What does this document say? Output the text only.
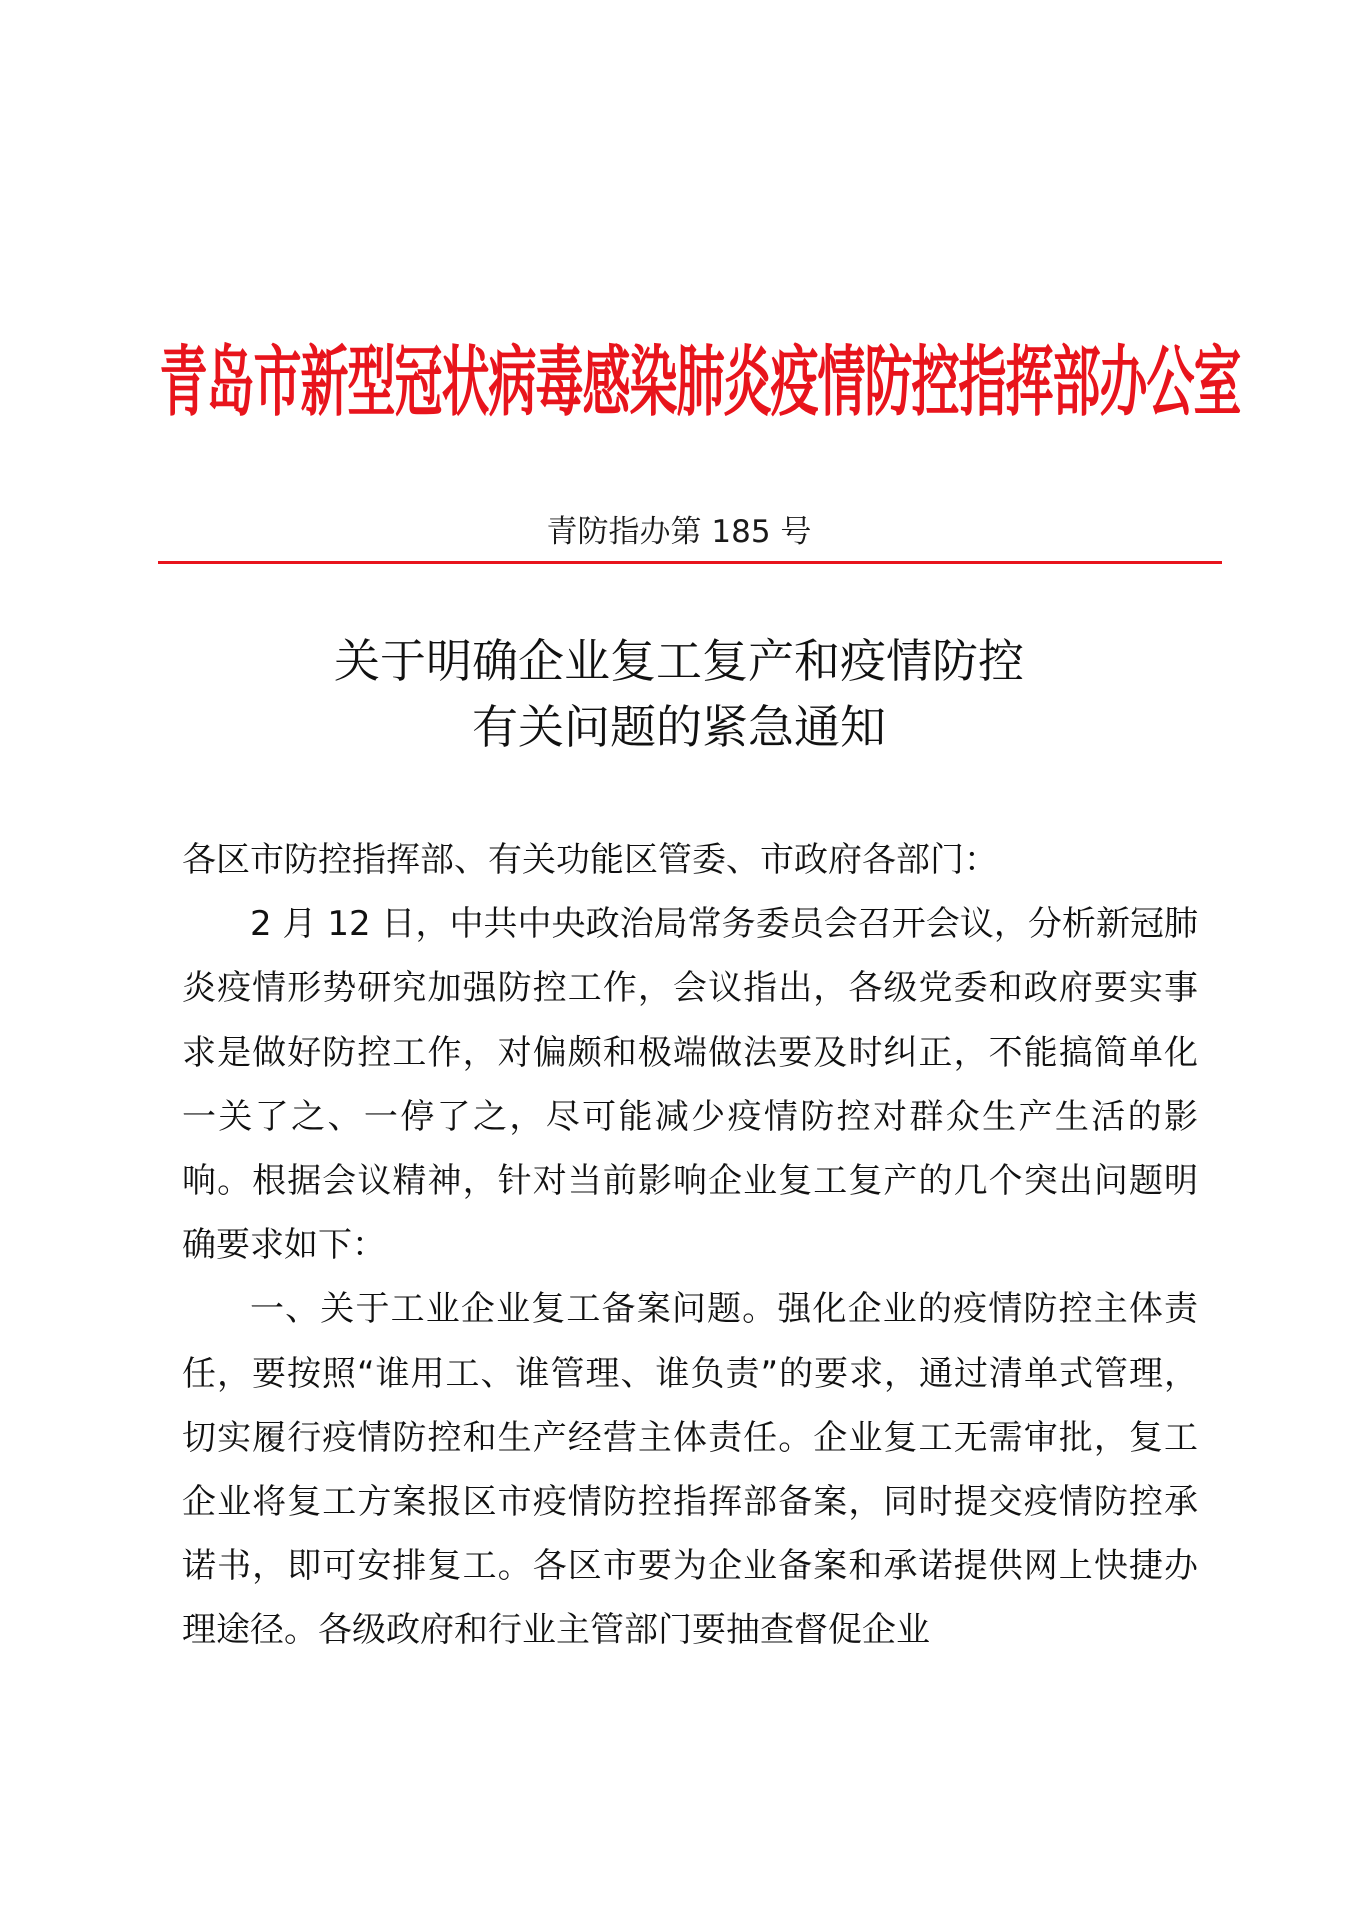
青岛市新型冠状病毒感染肺炎疫情防控指挥部办公室
青防指办第 185 号
关于明确企业复工复产和疫情防控
有关问题的紧急通知

各区市防控指挥部、有关功能区管委、市政府各部门：

2 月 12 日，中共中央政治局常务委员会召开会议，分析新冠肺炎疫情形势研究加强防控工作，会议指出，各级党委和政府要实事求是做好防控工作，对偏颇和极端做法要及时纠正，不能搞简单化一关了之、一停了之，尽可能减少疫情防控对群众生产生活的影响。根据会议精神，针对当前影响企业复工复产的几个突出问题明确要求如下：

一、关于工业企业复工备案问题。强化企业的疫情防控主体责任，要按照“谁用工、谁管理、谁负责”的要求，通过清单式管理，切实履行疫情防控和生产经营主体责任。企业复工无需审批，复工企业将复工方案报区市疫情防控指挥部备案，同时提交疫情防控承诺书，即可安排复工。各区市要为企业备案和承诺提供网上快捷办理途径。各级政府和行业主管部门要抽查督促企业
